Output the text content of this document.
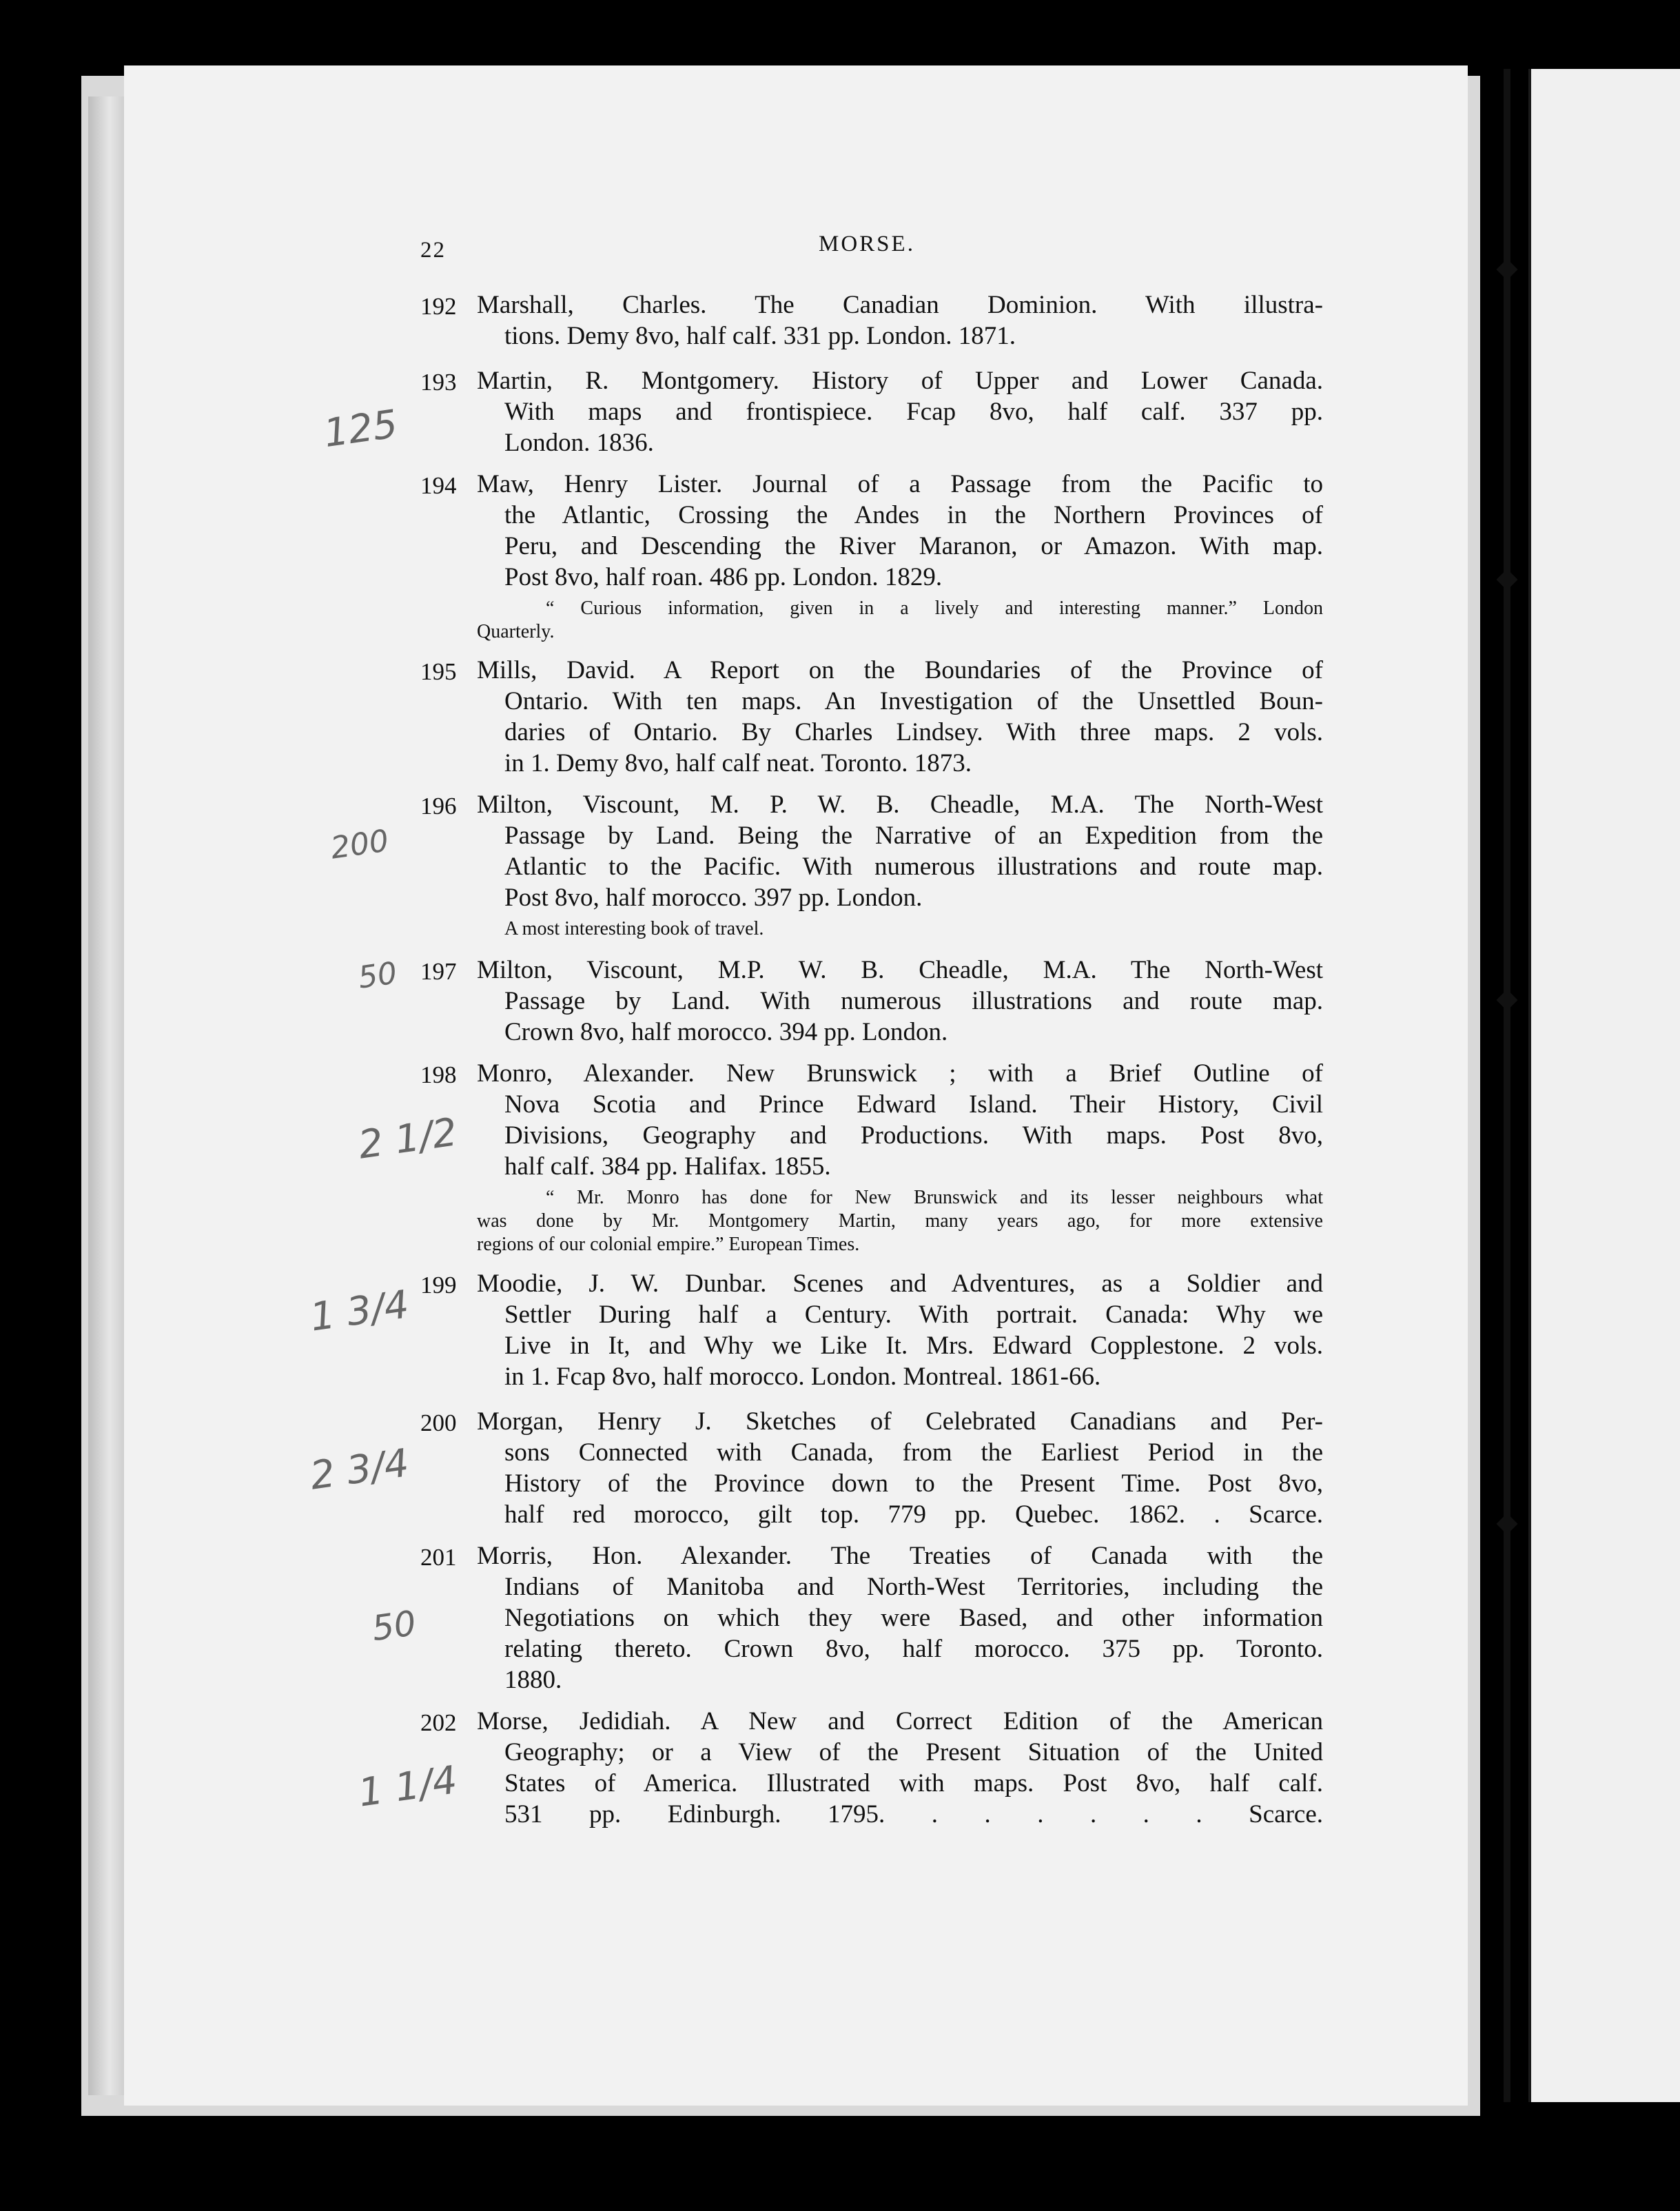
22	MORSE.
192 Marshall, Charles. The Canadian Dominion. With illustra-
tions. Demy 8vo, half calf. 331 pp. London. 1871.
193 Martin, R. Montgomery. History of Upper and Lower Canada.
With maps and frontispiece. Fcap 8vo, half calf. 337 pp.
London. 1836.
194 Maw, Henry Lister. Journal of a Passage from the Pacific to
the Atlantic, Crossing the Andes in the Northern Provinces of
Peru, and Descending the River Maranon, or Amazon. With map.
Post 8vo, half roan. 486 pp. London. 1829.
“ Curious information, given in a lively and interesting manner.” London
Quarterly.
195 Mills, David. A Report on the Boundaries of the Province of
Ontario. With ten maps. An Investigation of the Unsettled Boun-
daries of Ontario. By Charles Lindsey. With three maps. 2 vols.
in 1. Demy 8vo, half calf neat. Toronto. 1873.
196 Milton, Viscount, M. P. W. B. Cheadle, M.A. The North-West
Passage by Land. Being the Narrative of an Expedition from the
Atlantic to the Pacific. With numerous illustrations and route map.
Post 8vo, half morocco. 397 pp. London.
A most interesting book of travel.
197 Milton, Viscount, M.P. W. B. Cheadle, M.A. The North-West
Passage by Land. With numerous illustrations and route map.
Crown 8vo, half morocco. 394 pp. London.
198 Monro, Alexander. New Brunswick ; with a Brief Outline of
Nova Scotia and Prince Edward Island. Their History, Civil
Divisions, Geography and Productions. With maps. Post 8vo,
half calf. 384 pp. Halifax. 1855.
“ Mr. Monro has done for New Brunswick and its lesser neighbours what
was done by Mr. Montgomery Martin, many years ago, for more extensive
regions of our colonial empire.” European Times.
199 Moodie, J. W. Dunbar. Scenes and Adventures, as a Soldier and
Settler During half a Century. With portrait. Canada: Why we
Live in It, and Why we Like It. Mrs. Edward Copplestone. 2 vols.
in 1. Fcap 8vo, half morocco. London. Montreal. 1861-66.
200 Morgan, Henry J. Sketches of Celebrated Canadians and Per-
sons Connected with Canada, from the Earliest Period in the
History of the Province down to the Present Time. Post 8vo,
half red morocco, gilt top. 779 pp. Quebec. 1862. . Scarce.
201 Morris, Hon. Alexander. The Treaties of Canada with the
Indians of Manitoba and North-West Territories, including the
Negotiations on which they were Based, and other information
relating thereto. Crown 8vo, half morocco. 375 pp. Toronto.
1880.
202 Morse, Jedidiah. A New and Correct Edition of the American
Geography; or a View of the Present Situation of the United
States of America. Illustrated with maps. Post 8vo, half calf.
531 pp. Edinburgh. 1795. . . . . . . Scarce.
125
200
50
2 1/2
1 3/4
2 3/4
50
1 1/4
